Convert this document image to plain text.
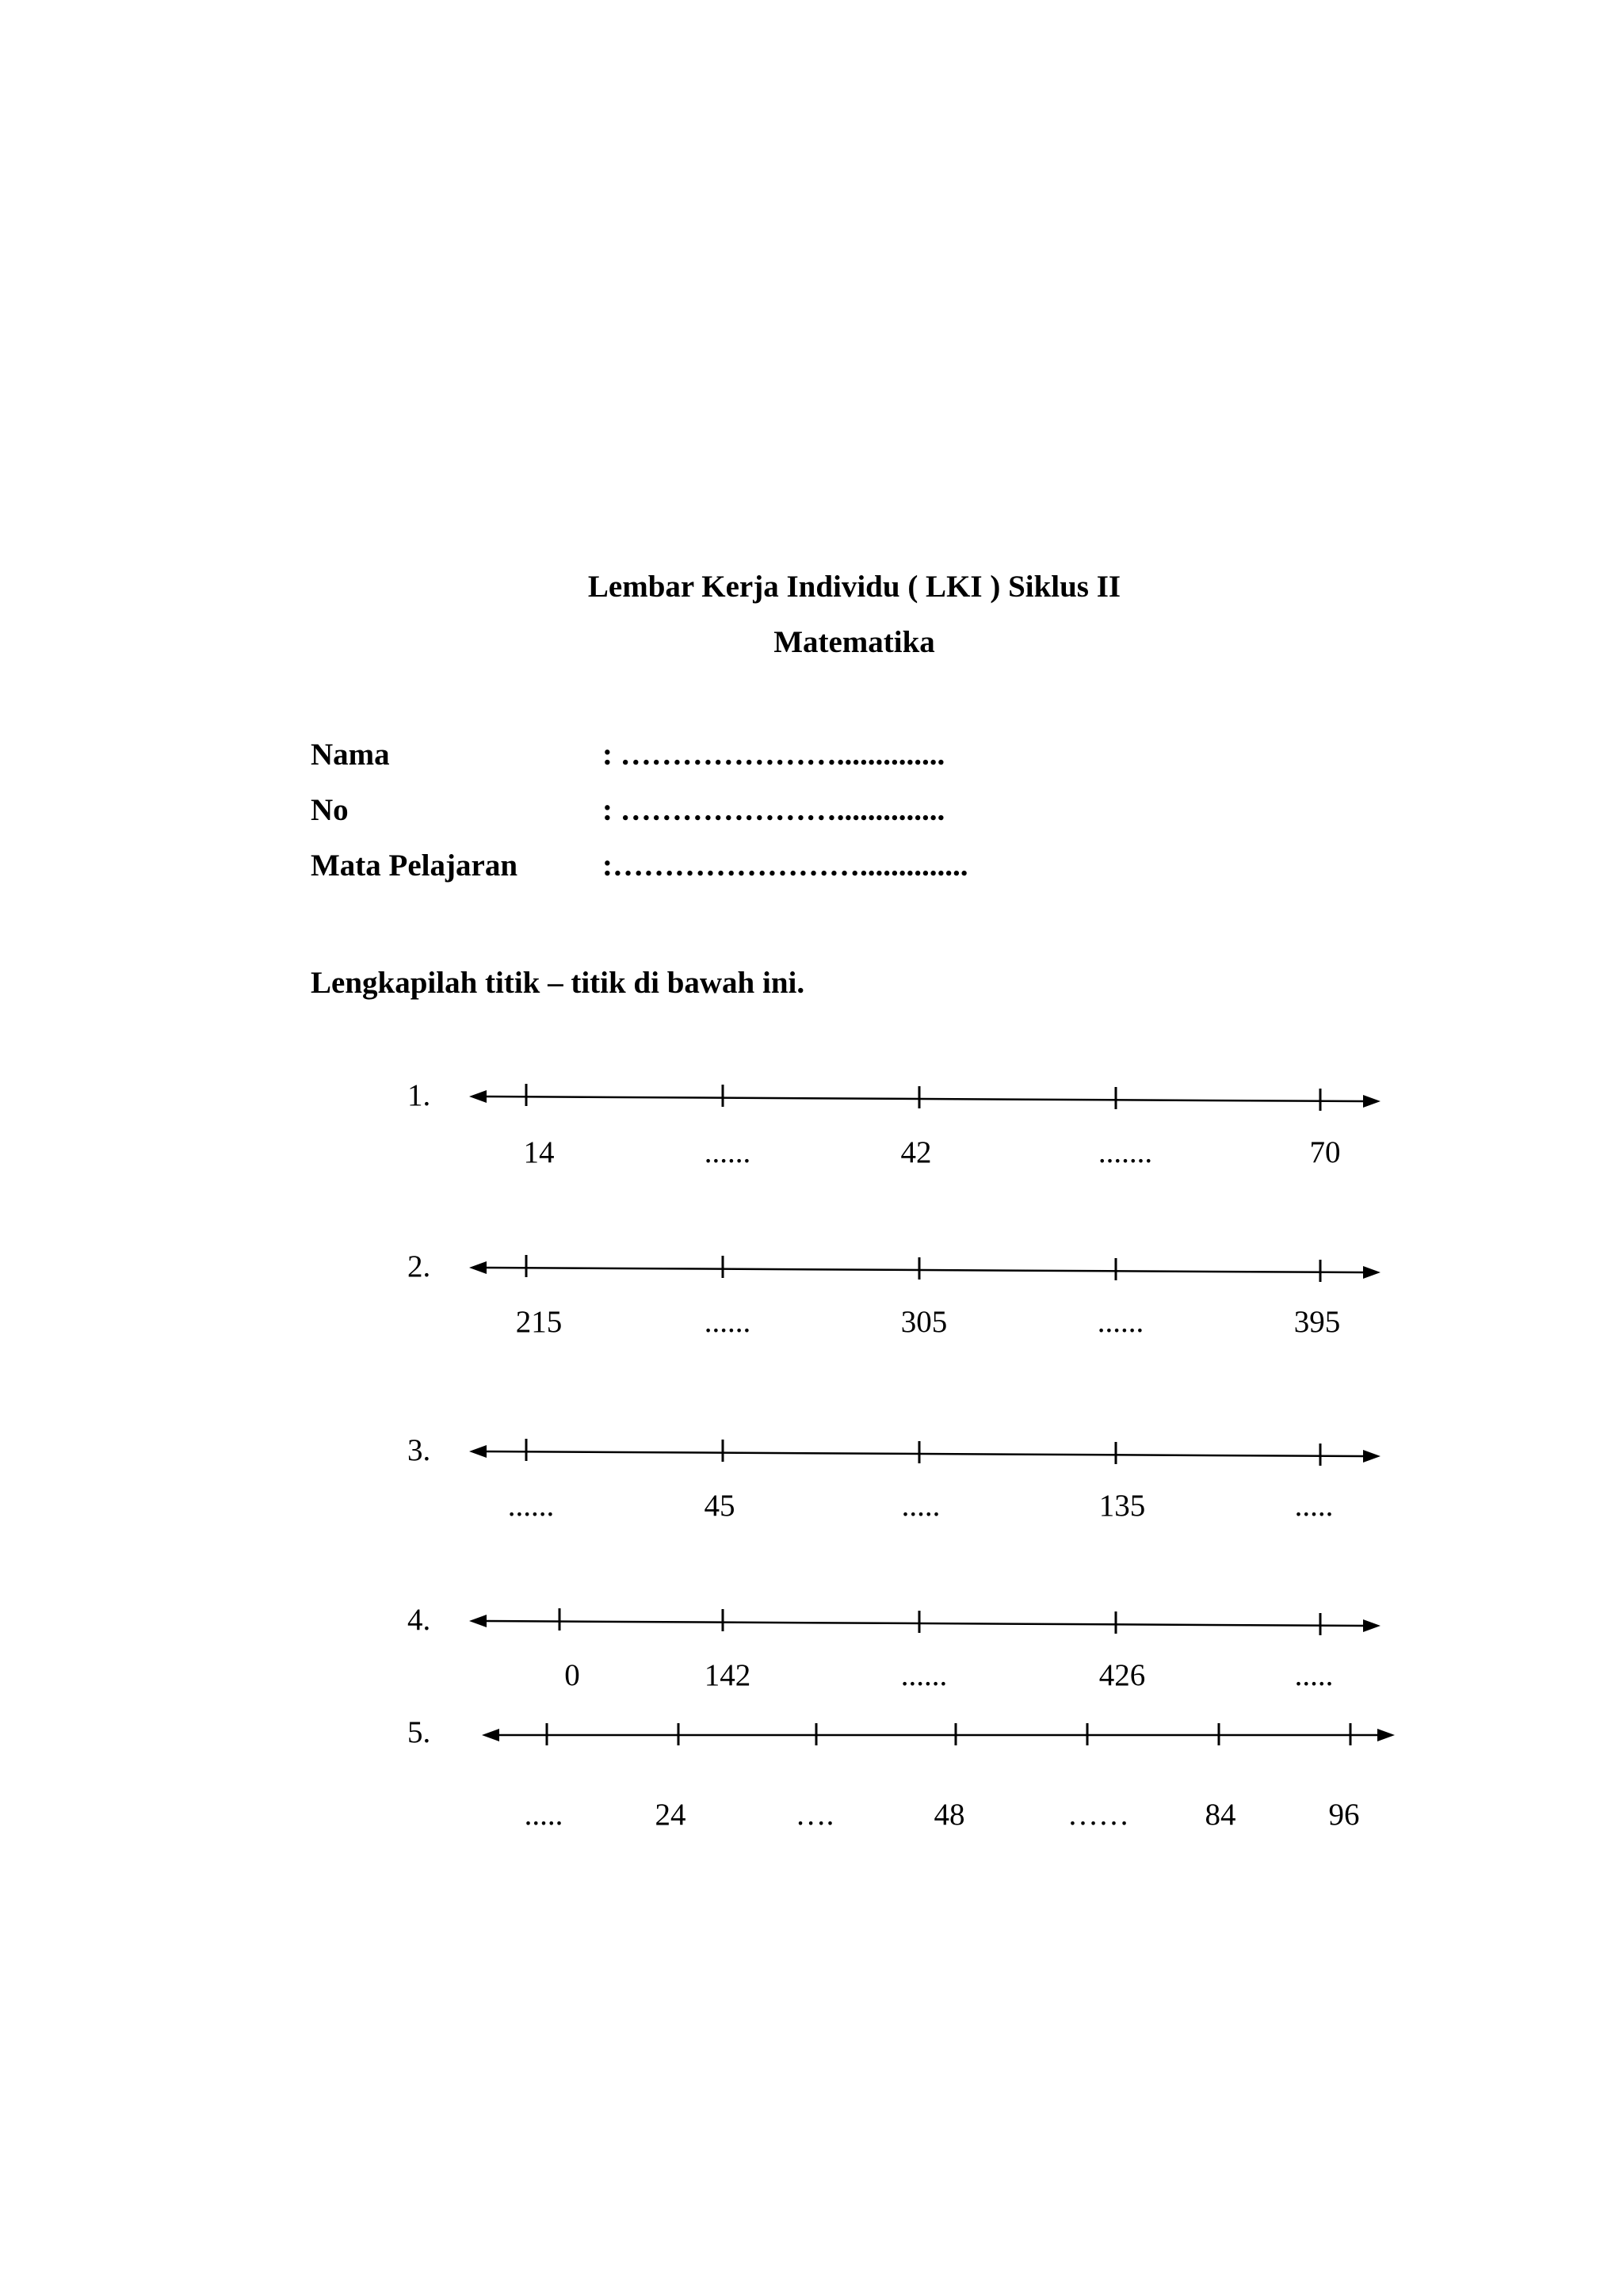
Lembar Kerja Individu ( LKI ) Siklus II
Matematika
Nama	: …………………..............
No	: …………………..............
Mata Pelajaran	:……………………..............
Lengkapilah titik – titik di bawah ini.
1.
2.
3.
4.
5.
14	......	42	.......	70
215	......	305	......	395
......	45	.....	135	.....
0	142	......	426	.....
.....	24	….	48	…… 84	96
